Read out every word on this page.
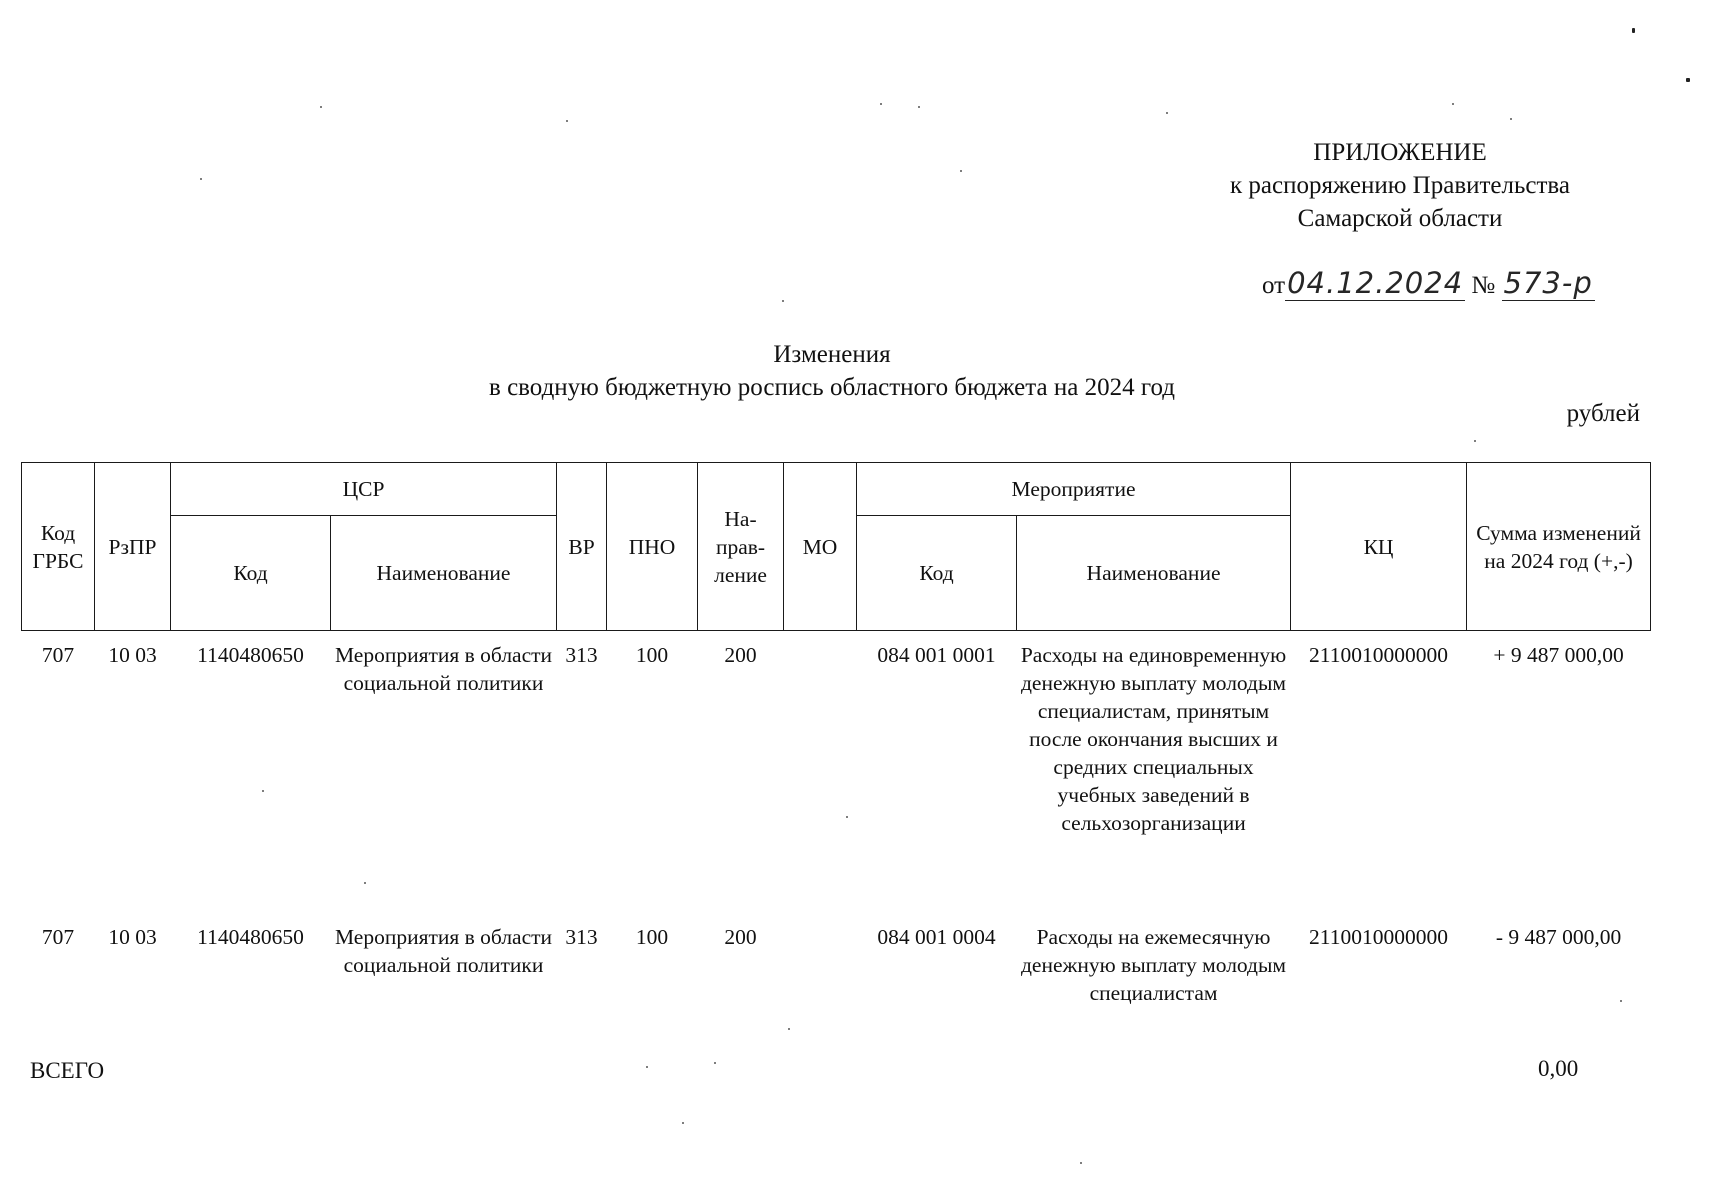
ПРИЛОЖЕНИЕ
к распоряжению Правительства
Самарской области
от04.12.2024 № 573-р
Изменения
в сводную бюджетную роспись областного бюджета на 2024 год
рублей
Код ГРБС	РзПР	ЦСР		ВР	ПНО	На-прав-ление	МО	Мероприятие		КЦ	Сумма изменений на 2024 год (+,-)
		Код	Наименование					Код	Наименование		
707	10 03	1140480650	Мероприятия в области социальной политики	313	100	200		084 001 0001	Расходы на единовременную денежную выплату молодым специалистам, принятым после окончания высших и средних специальных учебных заведений в сельхозорганизации	2110010000000	+ 9 487 000,00
707	10 03	1140480650	Мероприятия в области социальной политики	313	100	200		084 001 0004	Расходы на ежемесячную денежную выплату молодым специалистам	2110010000000	- 9 487 000,00
ВСЕГО	0,00
